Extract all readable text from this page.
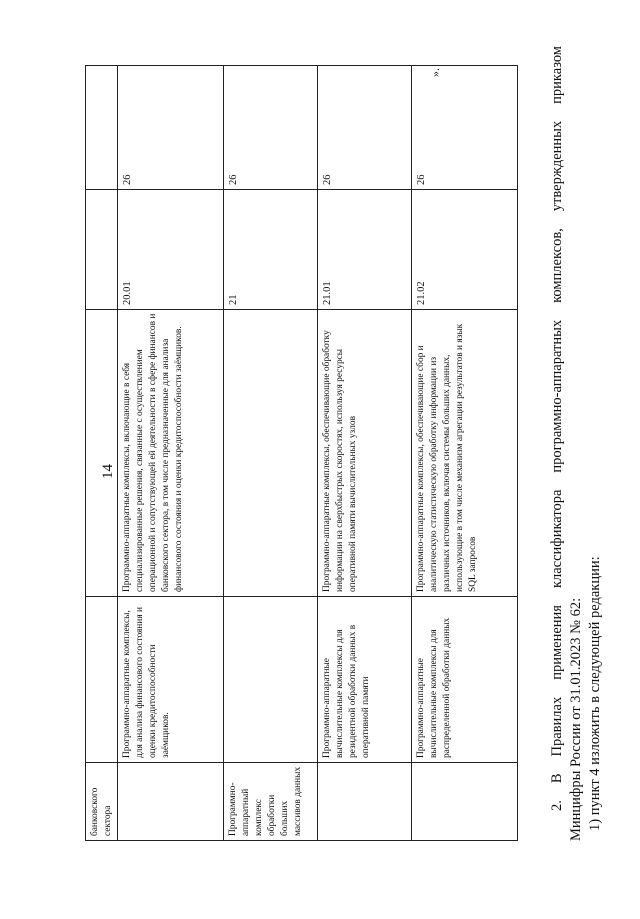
14
банковского сектора				
	Программно-аппаратные комплексы, для анализа финансового состояния и оценки кредитоспособности заёмщиков.	Программно-аппаратные комплексы, включающие в себя специализированные решения, связанные с осуществлением операционной и сопутствующей ей деятельности в сфере финансов и банковского сектора, в том числе предназначенные для анализа финансового состояния и оценки кредитоспособности заёмщиков.	20.01	26
Программно-аппаратный комплекс обработки больших массивов данных			21	26
	Программно-аппаратные вычислительные комплексы для резидентной обработки данных в оперативной памяти	Программно-аппаратные комплексы, обеспечивающие обработку информации на сверхбыстрых скоростях, используя ресурсы оперативной памяти вычислительных узлов	21.01	26
	Программно-аппаратные вычислительные комплексы для распределенной обработки данных	Программно-аппаратные комплексы, обеспечивающие сбор и аналитическую статистическую обработку информации из различных источников, включая системы больших данных, использующие в том числе механизм агрегации результатов и язык SQL запросов	21.02	26
».	2. В Правилах применения классификатора программно-аппаратных комплексов, утвержденных приказом Минцифры России от 31.01.2023 № 62: 1) пункт 4 изложить в следующей редакции:
